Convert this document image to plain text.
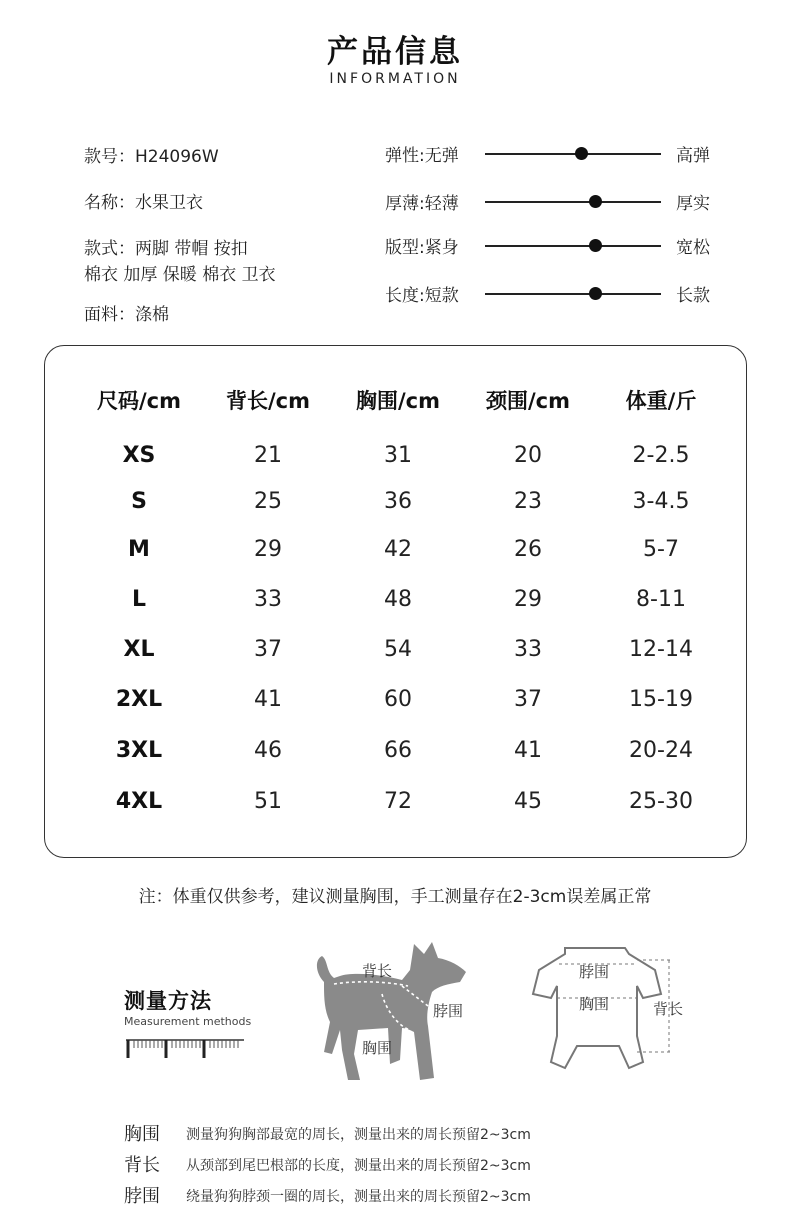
产品信息
INFORMATION
款号：H24096W
名称：水果卫衣
款式：两脚 带帽 按扣
棉衣 加厚 保暖 棉衣 卫衣
面料：涤棉
弹性:无弹	高弹
厚薄:轻薄	厚实
版型:紧身	宽松
长度:短款	长款
尺码/cm	背长/cm	胸围/cm	颈围/cm	体重/斤
XS	21	31	20	2-2.5
S	25	36	23	3-4.5
M	29	42	26	5-7
L	33	48	29	8-11
XL	37	54	33	12-14
2XL	41	60	37	15-19
3XL	46	66	41	20-24
4XL	51	72	45	25-30
注：体重仅供参考，建议测量胸围，手工测量存在2-3cm误差属正常
测量方法
Measurement methods
背长
脖围
胸围
脖围
胸围	背长
胸围 测量狗狗胸部最宽的周长，测量出来的周长预留2~3cm
背长 从颈部到尾巴根部的长度，测量出来的周长预留2~3cm
脖围 绕量狗狗脖颈一圈的周长，测量出来的周长预留2~3cm
